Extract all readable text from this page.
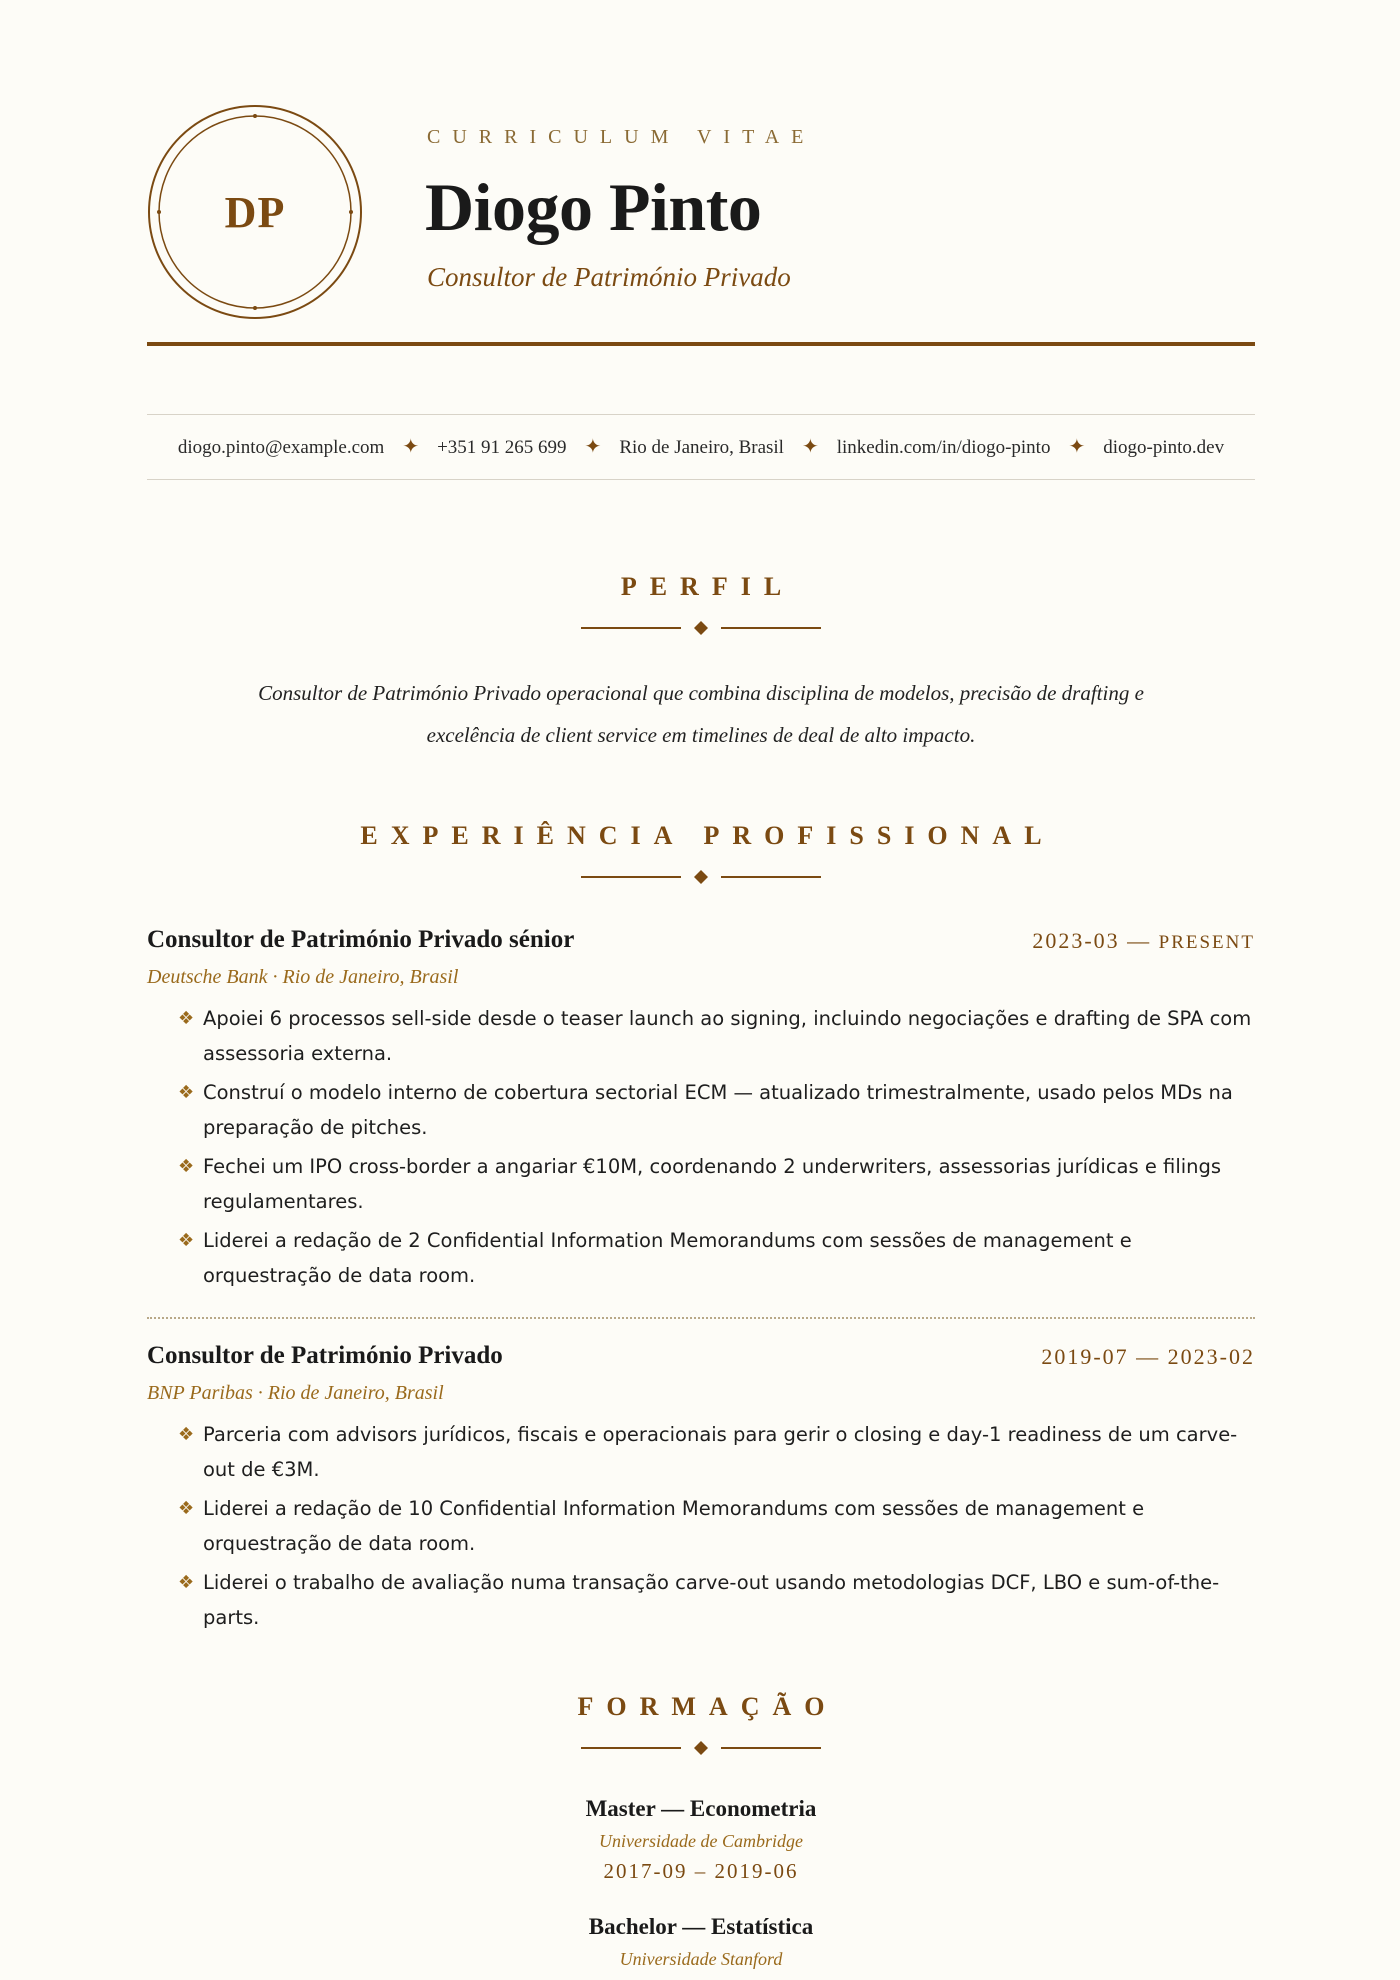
DP
CURRICULUM VITAE
Diogo Pinto
Consultor de Património Privado
diogo.pinto@example.com ✦ +351 91 265 699 ✦ Rio de Janeiro, Brasil ✦ linkedin.com/in/diogo-pinto ✦ diogo-pinto.dev
PERFIL
Consultor de Património Privado operacional que combina disciplina de modelos, precisão de drafting e excelência de client service em timelines de deal de alto impacto.
EXPERIÊNCIA PROFISSIONAL
Consultor de Património Privado sénior	2023-03 — PRESENT
Deutsche Bank · Rio de Janeiro, Brasil
❖ Apoiei 6 processos sell-side desde o teaser launch ao signing, incluindo negociações e drafting de SPA com assessoria externa.
❖ Construí o modelo interno de cobertura sectorial ECM — atualizado trimestralmente, usado pelos MDs na preparação de pitches.
❖ Fechei um IPO cross-border a angariar €10M, coordenando 2 underwriters, assessorias jurídicas e filings regulamentares.
❖ Liderei a redação de 2 Confidential Information Memorandums com sessões de management e orquestração de data room.
Consultor de Património Privado	2019-07 — 2023-02
BNP Paribas · Rio de Janeiro, Brasil
❖ Parceria com advisors jurídicos, fiscais e operacionais para gerir o closing e day-1 readiness de um carve-out de €3M.
❖ Liderei a redação de 10 Confidential Information Memorandums com sessões de management e orquestração de data room.
❖ Liderei o trabalho de avaliação numa transação carve-out usando metodologias DCF, LBO e sum-of-the-parts.
FORMAÇÃO
Master — Econometria
Universidade de Cambridge
2017-09 – 2019-06
Bachelor — Estatística
Universidade Stanford
